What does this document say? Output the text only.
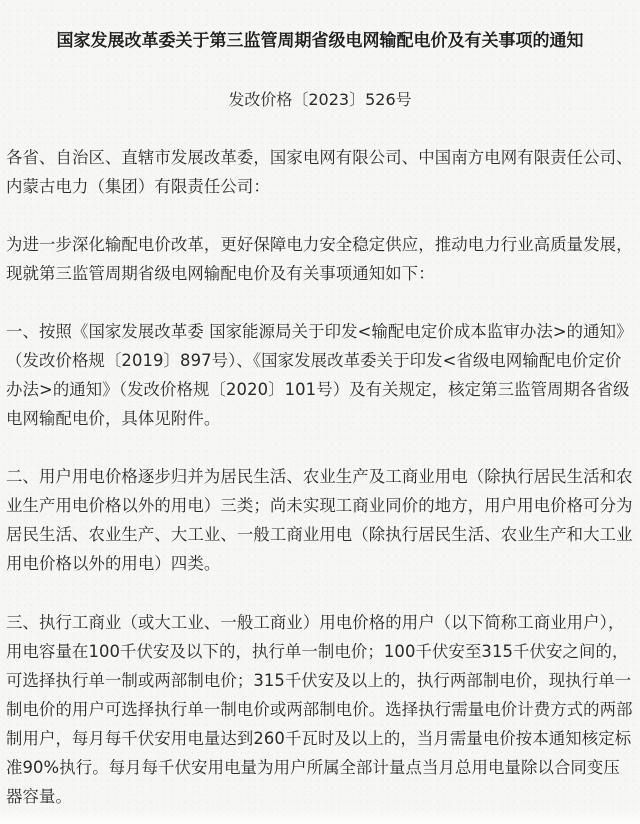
国家发展改革委关于第三监管周期省级电网输配电价及有关事项的通知
发改价格〔2023〕526号
各省、自治区、直辖市发展改革委，国家电网有限公司、中国南方电网有限责任公司、内蒙古电力（集团）有限责任公司：
为进一步深化输配电价改革，更好保障电力安全稳定供应，推动电力行业高质量发展，现就第三监管周期省级电网输配电价及有关事项通知如下：
一、按照《国家发展改革委 国家能源局关于印发<输配电定价成本监审办法>的通知》（发改价格规〔2019〕897号）、《国家发展改革委关于印发<省级电网输配电价定价办法>的通知》（发改价格规〔2020〕101号）及有关规定，核定第三监管周期各省级电网输配电价，具体见附件。
二、用户用电价格逐步归并为居民生活、农业生产及工商业用电（除执行居民生活和农业生产用电价格以外的用电）三类；尚未实现工商业同价的地方，用户用电价格可分为居民生活、农业生产、大工业、一般工商业用电（除执行居民生活、农业生产和大工业用电价格以外的用电）四类。
三、执行工商业（或大工业、一般工商业）用电价格的用户（以下简称工商业用户），用电容量在100千伏安及以下的，执行单一制电价；100千伏安至315千伏安之间的，可选择执行单一制或两部制电价；315千伏安及以上的，执行两部制电价，现执行单一制电价的用户可选择执行单一制电价或两部制电价。选择执行需量电价计费方式的两部制用户，每月每千伏安用电量达到260千瓦时及以上的，当月需量电价按本通知核定标准90%执行。每月每千伏安用电量为用户所属全部计量点当月总用电量除以合同变压器容量。
